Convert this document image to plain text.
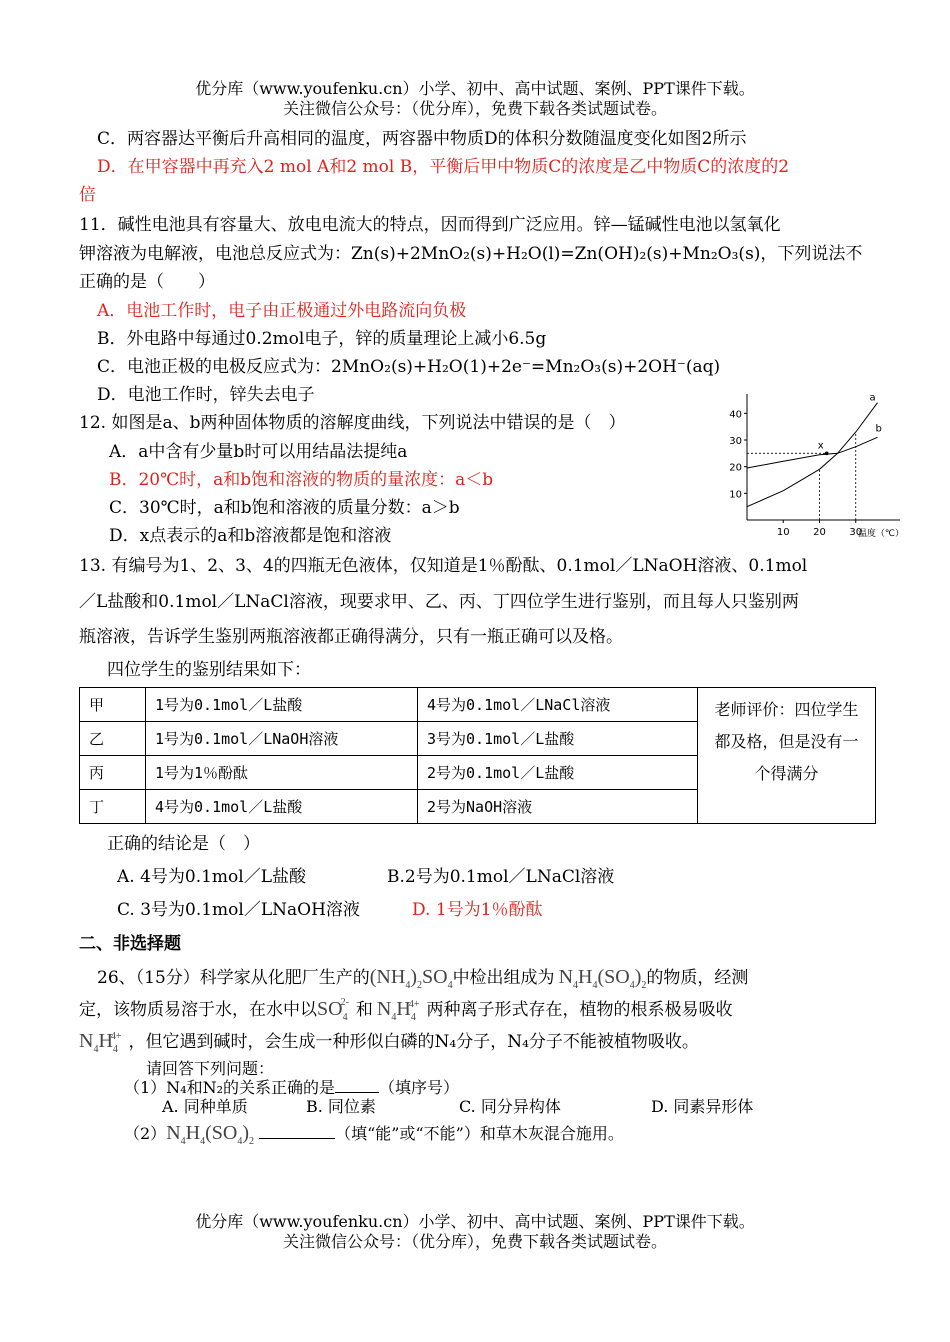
优分库（www.youfenku.cn）小学、初中、高中试题、案例、PPT课件下载。
关注微信公众号：（优分库），免费下载各类试题试卷。
C．两容器达平衡后升高相同的温度，两容器中物质D的体积分数随温度变化如图2所示
D．在甲容器中再充入2 mol A和2 mol B，平衡后甲中物质C的浓度是乙中物质C的浓度的2
倍
11．碱性电池具有容量大、放电电流大的特点，因而得到广泛应用。锌—锰碱性电池以氢氧化
钾溶液为电解液，电池总反应式为：Zn(s)+2MnO₂(s)+H₂O(l)=Zn(OH)₂(s)+Mn₂O₃(s)，下列说法不
正确的是（　　）
A．电池工作时，电子由正极通过外电路流向负极
B．外电路中每通过0.2mol电子，锌的质量理论上减小6.5g
C．电池正极的电极反应式为：2MnO₂(s)+H₂O(1)+2e⁻=Mn₂O₃(s)+2OH⁻(aq)
D．电池工作时，锌失去电子
12. 如图是a、b两种固体物质的溶解度曲线，下列说法中错误的是（　）
A．a中含有少量b时可以用结晶法提纯a
B．20℃时，a和b饱和溶液的物质的量浓度：a＜b
C．30℃时，a和b饱和溶液的质量分数：a＞b
D．x点表示的a和b溶液都是饱和溶液
10
20
30
40
10 20 30
温度（℃）
a
b
x
13. 有编号为1、2、3、4的四瓶无色液体，仅知道是1％酚酞、0.1mol／LNaOH溶液、0.1mol
／L盐酸和0.1mol／LNaCl溶液，现要求甲、乙、丙、丁四位学生进行鉴别，而且每人只鉴别两
瓶溶液，告诉学生鉴别两瓶溶液都正确得满分，只有一瓶正确可以及格。
四位学生的鉴别结果如下：
甲	1号为0.1mol／L盐酸	4号为0.1mol／LNaCl溶液	老师评价：四位学生都及格，但是没有一个得满分
乙	1号为0.1mol／LNaOH溶液	3号为0.1mol／L盐酸	
丙	1号为1％酚酞	2号为0.1mol／L盐酸	
丁	4号为0.1mol／L盐酸	2号为NaOH溶液	
正确的结论是（　）
A. 4号为0.1mol／L盐酸	B.2号为0.1mol／LNaCl溶液
C. 3号为0.1mol／LNaOH溶液	D. 1号为1％酚酞
二、非选择题
26、（15分）科学家从化肥厂生产的$(NH_4)_2SO_4$中检出组成为 $N_4H_4(SO_4)_2$的物质，经测
定，该物质易溶于水，在水中以$SO_4^{2-}$ 和 $N_4H_4^{4+}$ 两种离子形式存在，植物的根系极易吸收
$N_4H_4^{4+}$ ，但它遇到碱时，会生成一种形似白磷的N₄分子，N₄分子不能被植物吸收。
请回答下列问题：
（1）N₄和N₂的关系正确的是	（填序号）
A. 同种单质	B. 同位素	C. 同分异构体	D. 同素异形体
$(2)N_4H_4(SO_4)_2$	（填“能”或“不能”）和草木灰混合施用。
优分库（www.youfenku.cn）小学、初中、高中试题、案例、PPT课件下载。
关注微信公众号：（优分库），免费下载各类试题试卷。
